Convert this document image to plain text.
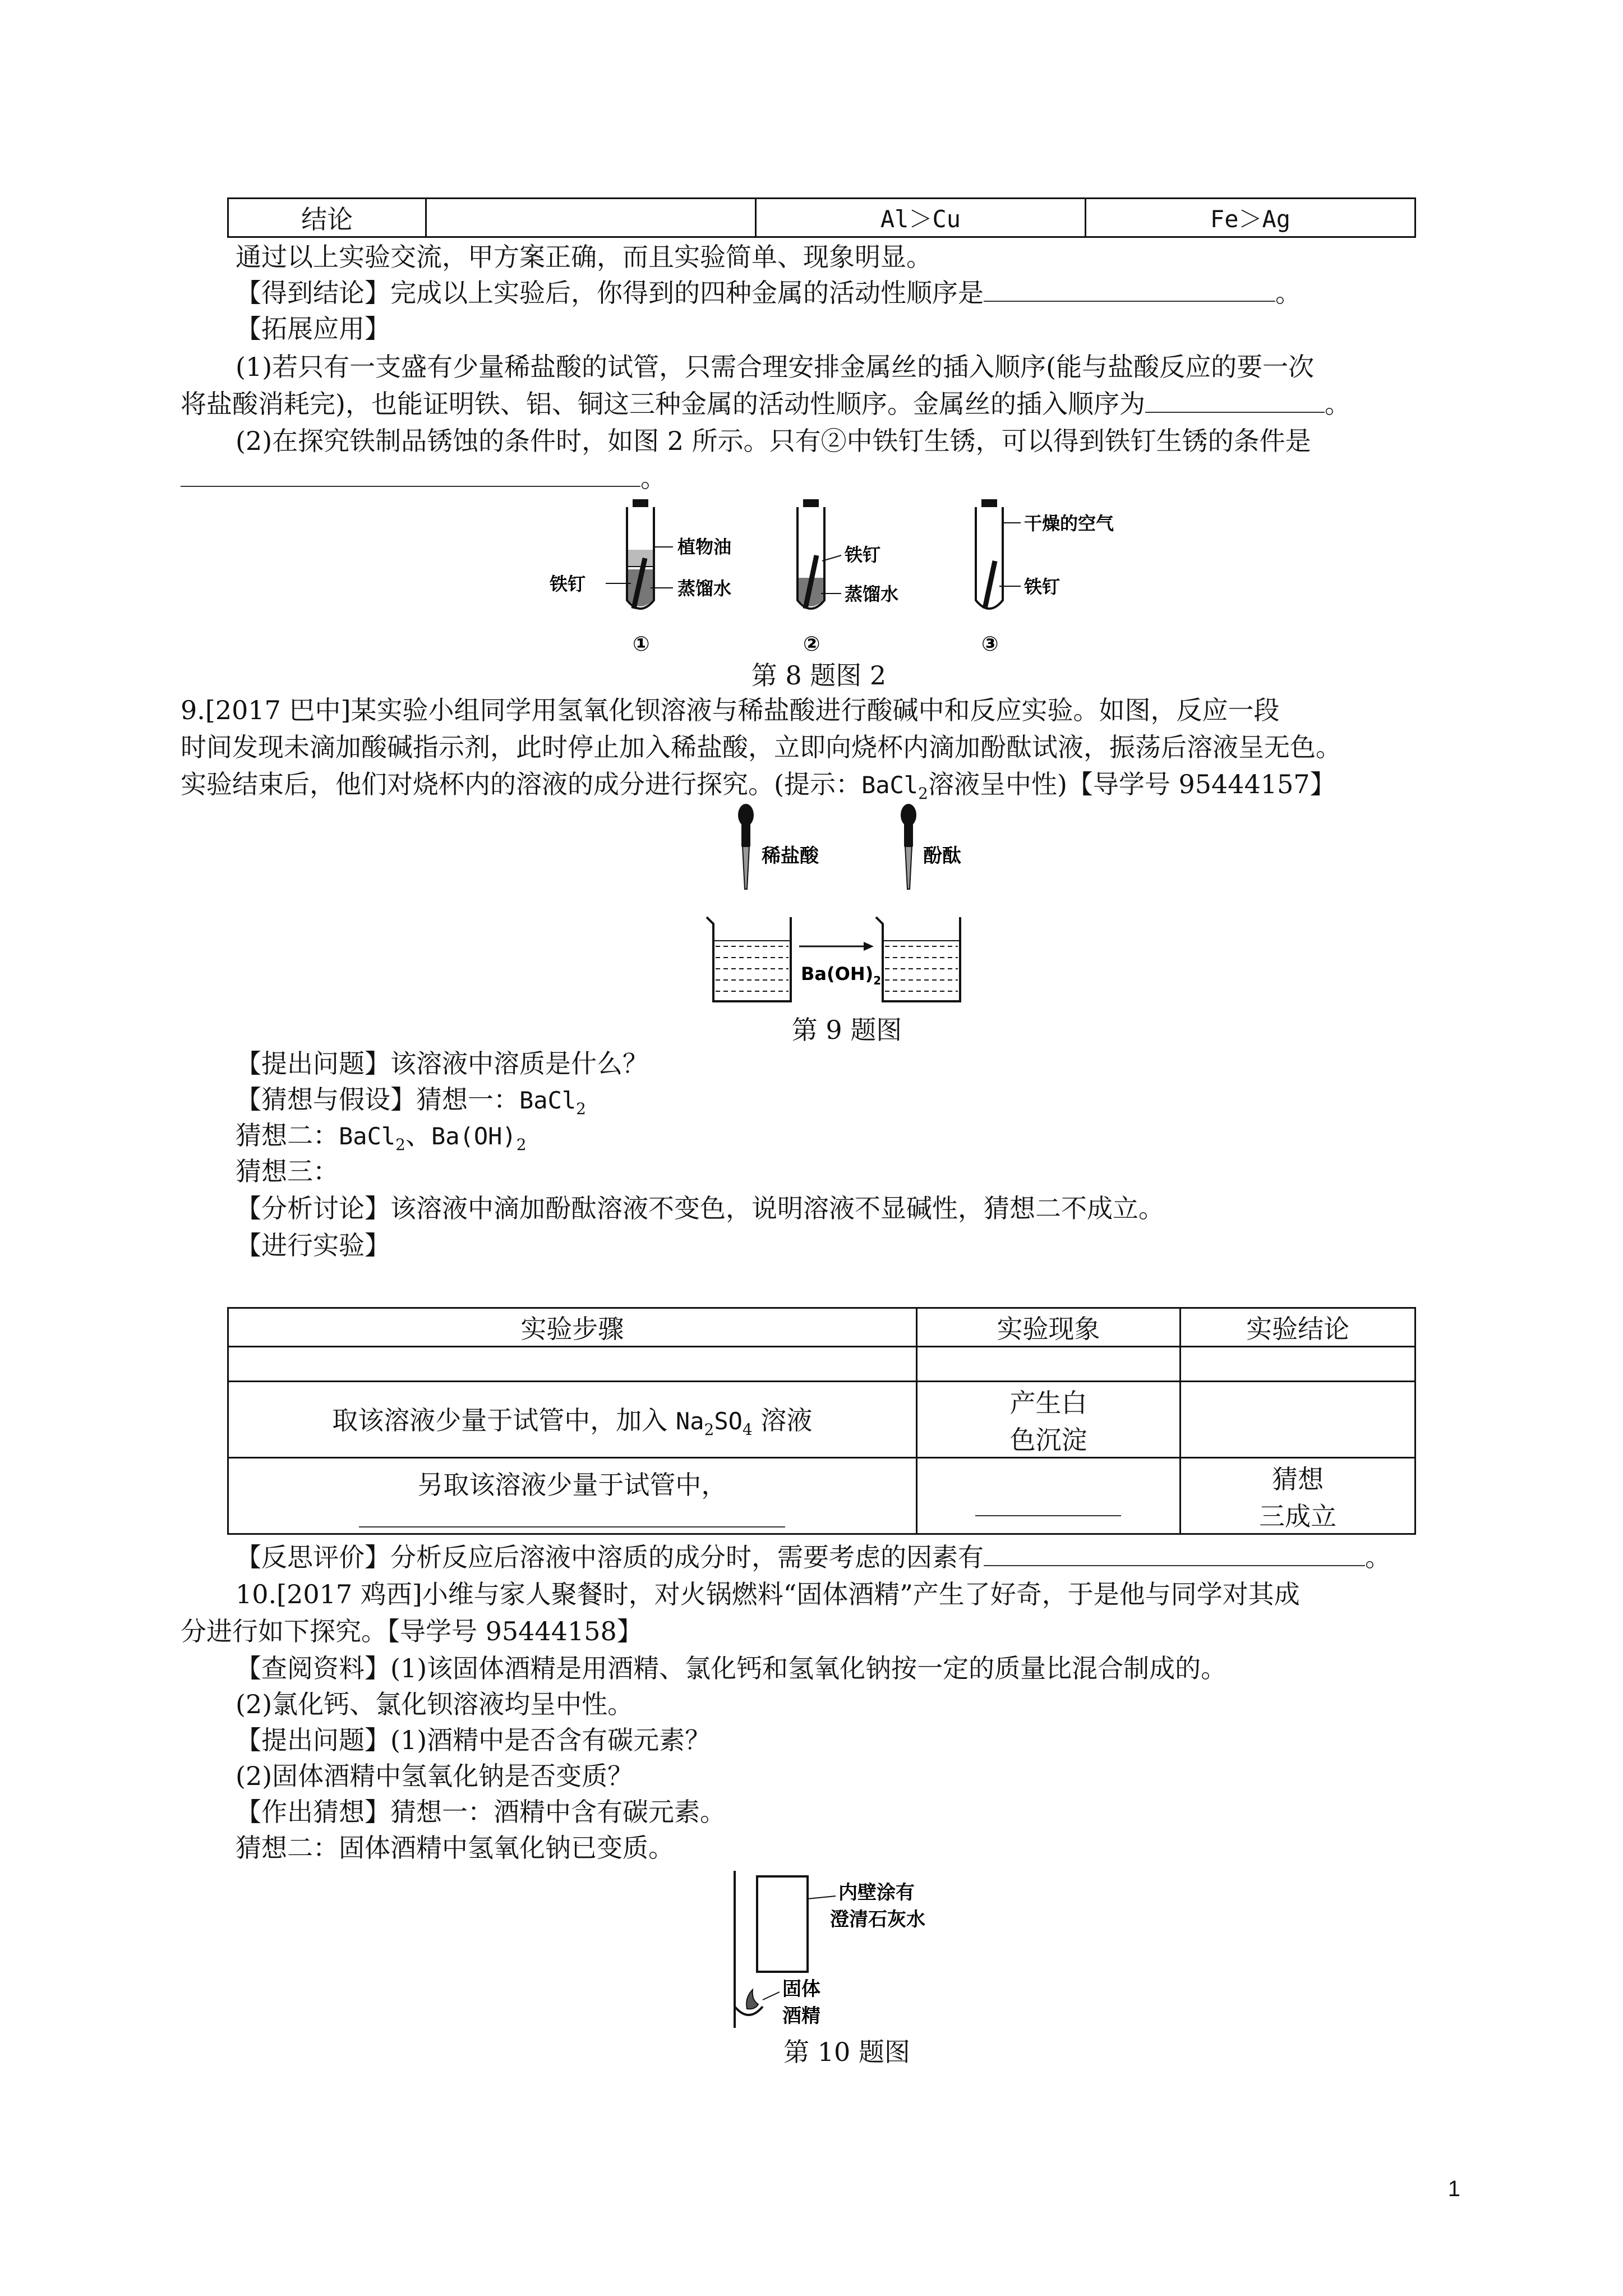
结论		Al＞Cu	Fe＞Ag
通过以上实验交流，甲方案正确，而且实验简单、现象明显。
【得到结论】完成以上实验后，你得到的四种金属的活动性顺序是	。
【拓展应用】
(1)若只有一支盛有少量稀盐酸的试管，只需合理安排金属丝的插入顺序(能与盐酸反应的要一次
将盐酸消耗完)，也能证明铁、铝、铜这三种金属的活动性顺序。金属丝的插入顺序为	。
(2)在探究铁制品锈蚀的条件时，如图 2 所示。只有②中铁钉生锈，可以得到铁钉生锈的条件是
。
植物油
蒸馏水
铁钉
①
铁钉
蒸馏水
②
干燥的空气
铁钉
③
第 8 题图 2
9.[2017 巴中]某实验小组同学用氢氧化钡溶液与稀盐酸进行酸碱中和反应实验。如图，反应一段
时间发现未滴加酸碱指示剂，此时停止加入稀盐酸，立即向烧杯内滴加酚酞试液，振荡后溶液呈无色。
实验结束后，他们对烧杯内的溶液的成分进行探究。(提示：BaCl$_2$溶液呈中性)【导学号 95444157】
稀盐酸	酚酞
$Ba(OH)_2$
第 9 题图
【提出问题】该溶液中溶质是什么？
【猜想与假设】猜想一：BaCl$_2$
猜想二：BaCl$_2$、$Ba(OH)_2$
猜想三：
【分析讨论】该溶液中滴加酚酞溶液不变色，说明溶液不显碱性，猜想二不成立。
【进行实验】
实验步骤	实验现象	实验结论

取该溶液少量于试管中，加入 $Na_2SO_4$ 溶液	产生白
色沉淀	

另取该溶液少量于试管中，		猜想
三成立
【反思评价】分析反应后溶液中溶质的成分时，需要考虑的因素有	。
10.[2017 鸡西]小维与家人聚餐时，对火锅燃料“固体酒精”产生了好奇，于是他与同学对其成
分进行如下探究。【导学号 95444158】
【查阅资料】(1)该固体酒精是用酒精、氯化钙和氢氧化钠按一定的质量比混合制成的。
(2)氯化钙、氯化钡溶液均呈中性。
【提出问题】(1)酒精中是否含有碳元素？
(2)固体酒精中氢氧化钠是否变质？
【作出猜想】猜想一：酒精中含有碳元素。
猜想二：固体酒精中氢氧化钠已变质。
内壁涂有
澄清石灰水
固体
酒精
第 10 题图
1
